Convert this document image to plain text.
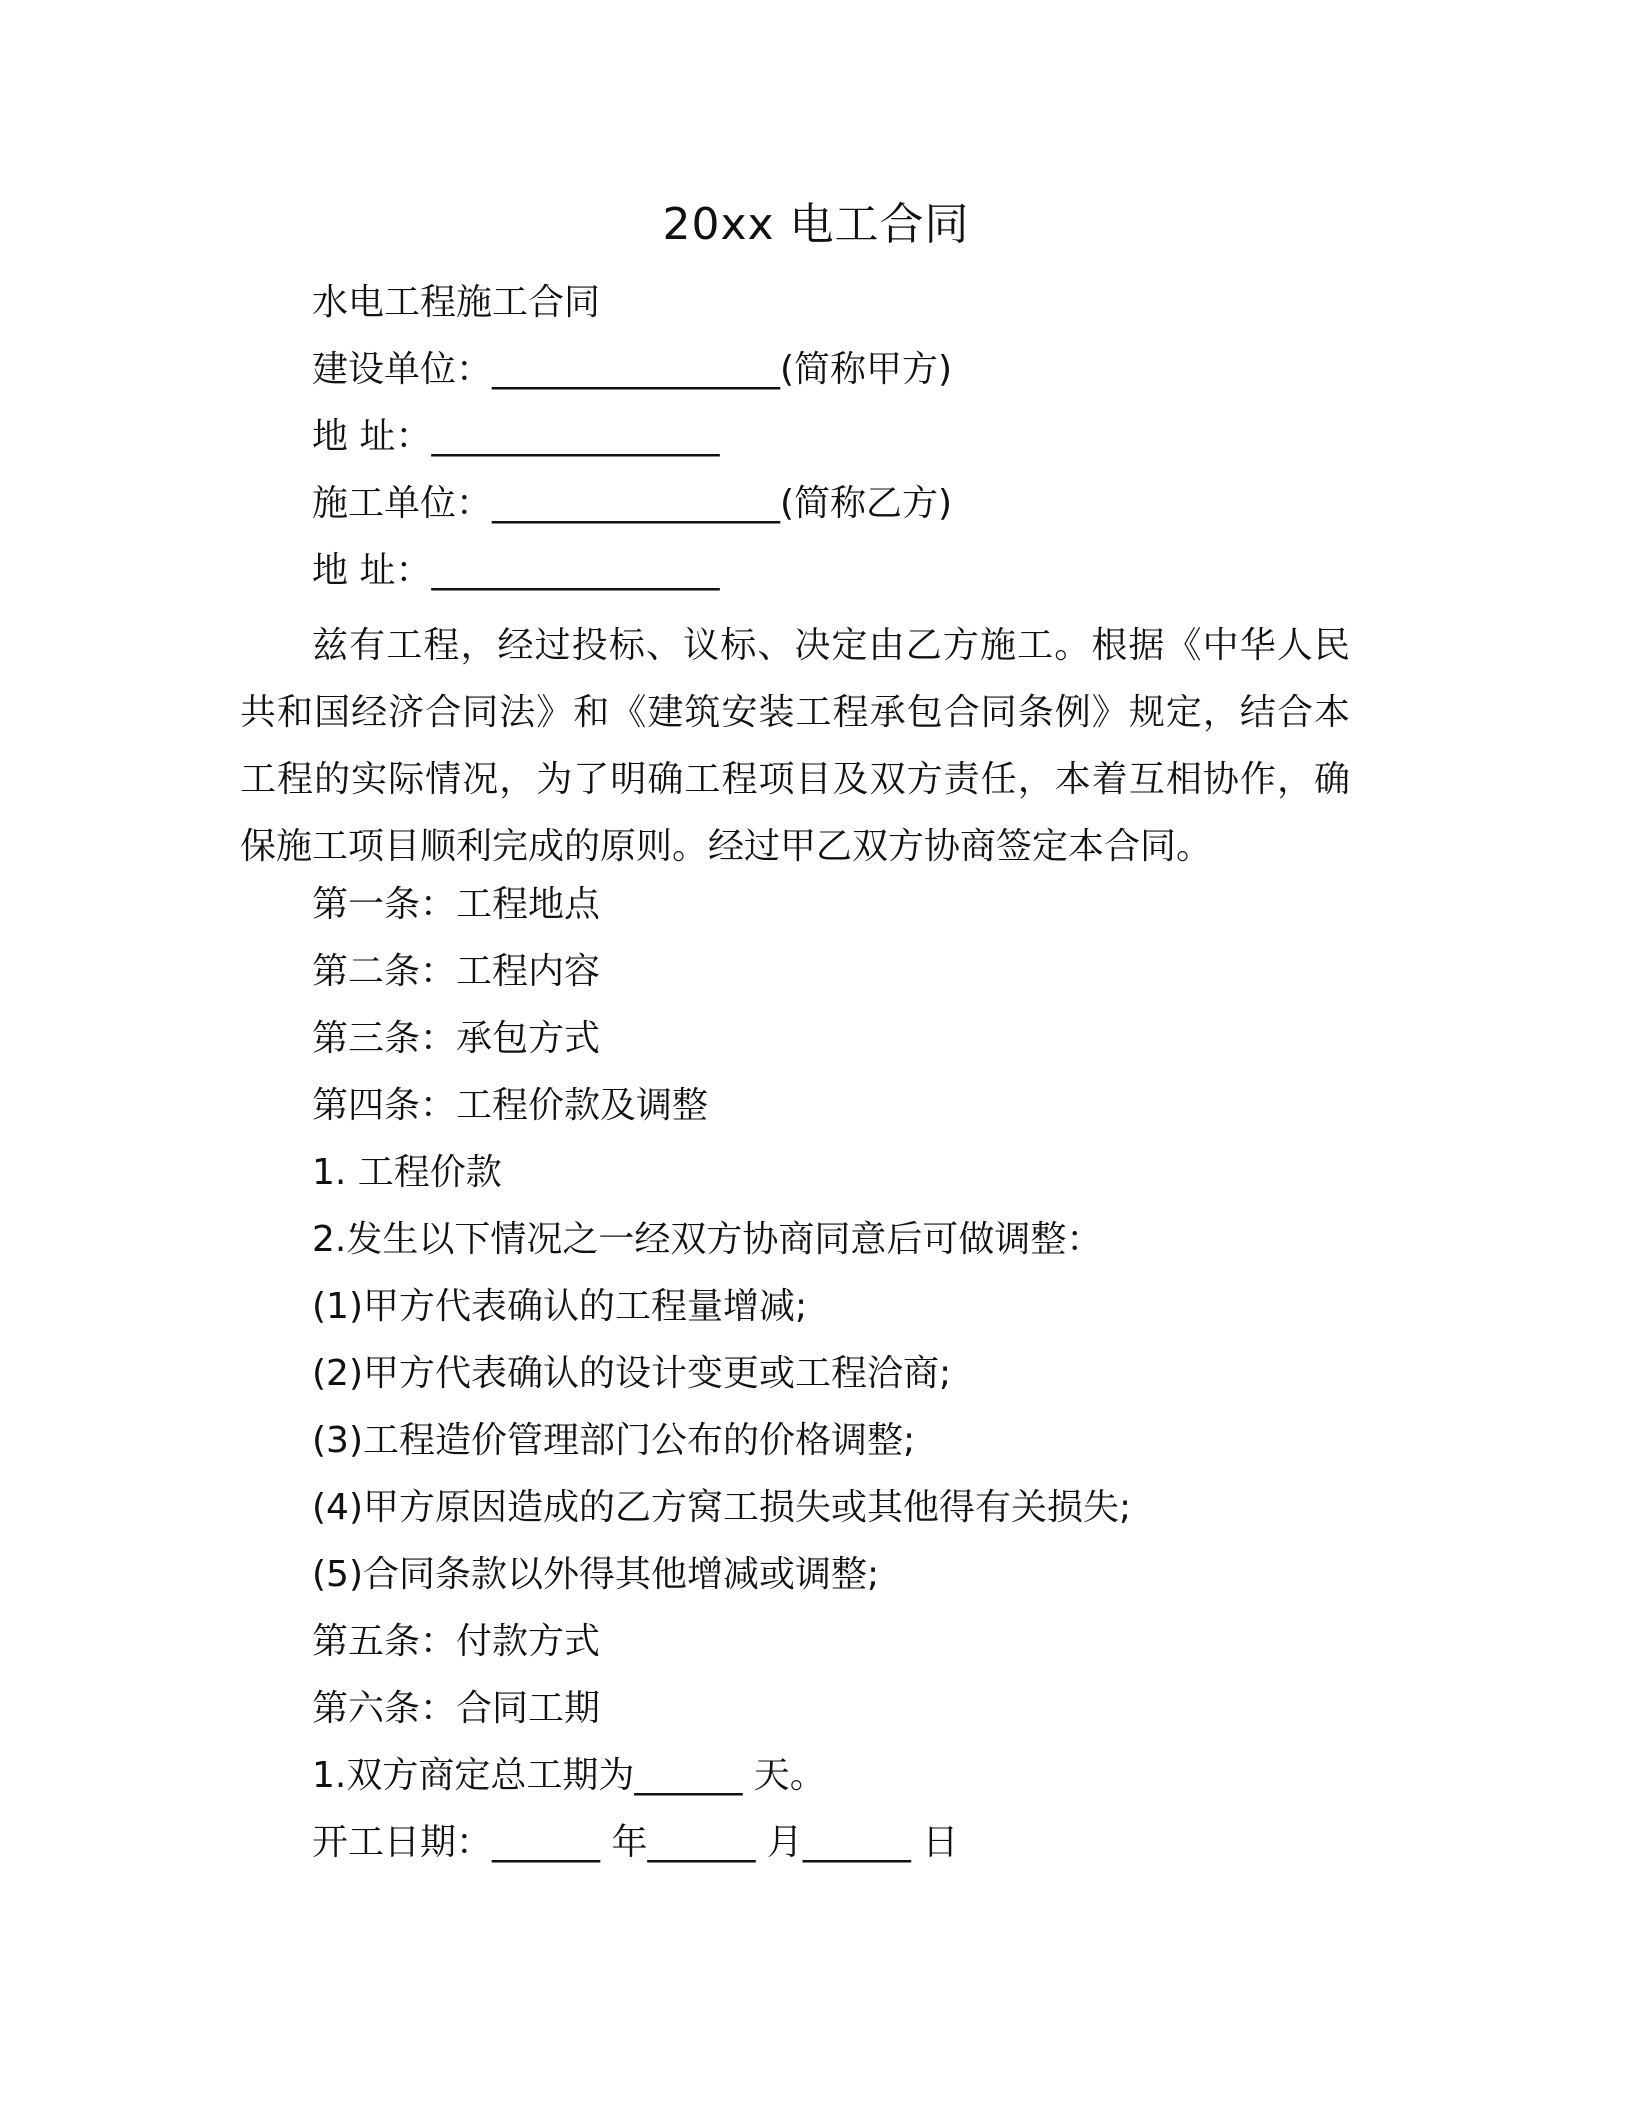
20xx 电工合同
水电工程施工合同
建设单位：________________(简称甲方)
地 址：________________
施工单位：________________(简称乙方)
地 址：________________
兹有工程，经过投标、议标、决定由乙方施工。根据《中华人民共和国经济合同法》和《建筑安装工程承包合同条例》规定，结合本工程的实际情况，为了明确工程项目及双方责任，本着互相协作，确保施工项目顺利完成的原则。经过甲乙双方协商签定本合同。
第一条：工程地点
第二条：工程内容
第三条：承包方式
第四条：工程价款及调整
1. 工程价款
2.发生以下情况之一经双方协商同意后可做调整：
(1)甲方代表确认的工程量增减;
(2)甲方代表确认的设计变更或工程洽商;
(3)工程造价管理部门公布的价格调整;
(4)甲方原因造成的乙方窝工损失或其他得有关损失;
(5)合同条款以外得其他增减或调整;
第五条：付款方式
第六条：合同工期
1.双方商定总工期为______ 天。
开工日期：______ 年______ 月______ 日
